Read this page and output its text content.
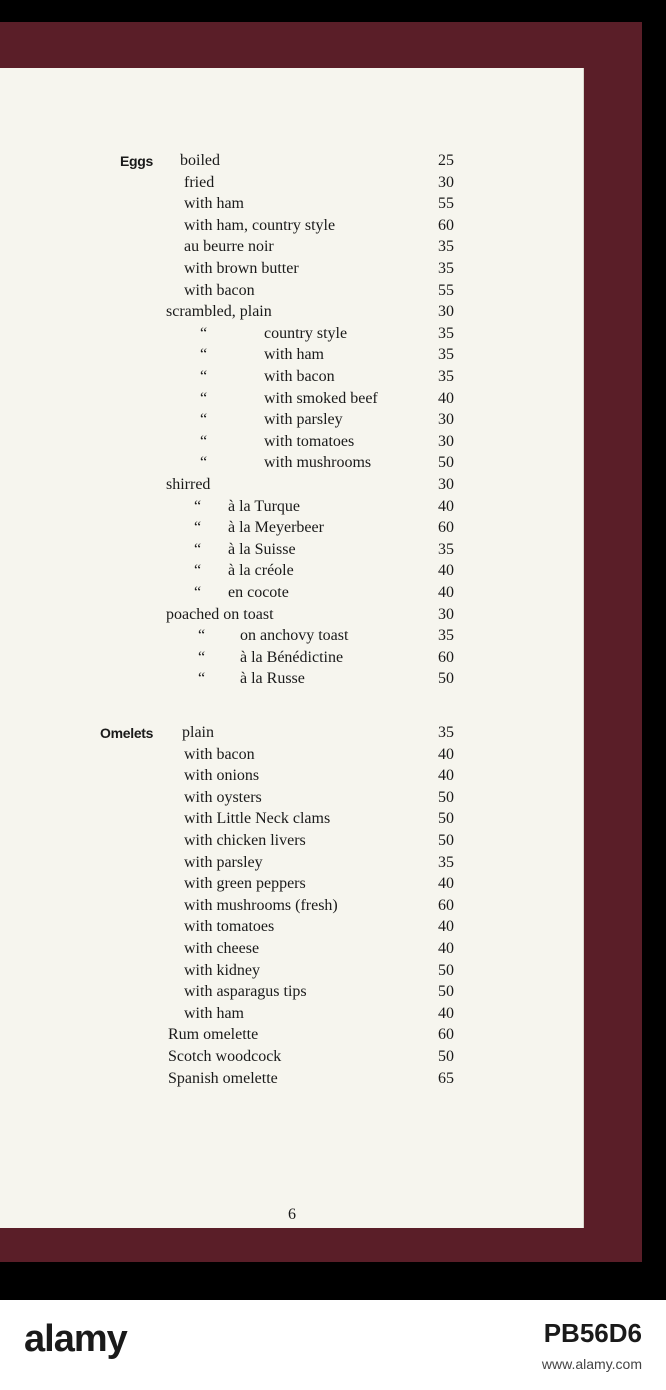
Eggs boiled	25
fried	30
with ham	55
with ham, country style	60
au beurre noir	35
with brown butter	35
with bacon	55
scrambled, plain	30
“	country style	35
“	with ham	35
“	with bacon	35
“	with smoked beef	40
“	with parsley	30
“	with tomatoes	30
“	with mushrooms	50
shirred	30
“ à la Turque	40
“ à la Meyerbeer	60
“ à la Suisse	35
“ à la créole	40
“ en cocote	40
poached on toast	30
“ on anchovy toast	35
“ à la Bénédictine	60
“ à la Russe	50
Omelets plain	35
with bacon	40
with onions	40
with oysters	50
with Little Neck clams	50
with chicken livers	50
with parsley	35
with green peppers	40
with mushrooms (fresh)	60
with tomatoes	40
with cheese	40
with kidney	50
with asparagus tips	50
with ham	40
Rum omelette	60
Scotch woodcock	50
Spanish omelette	65
6
alamy	PB56D6
www.alamy.com
